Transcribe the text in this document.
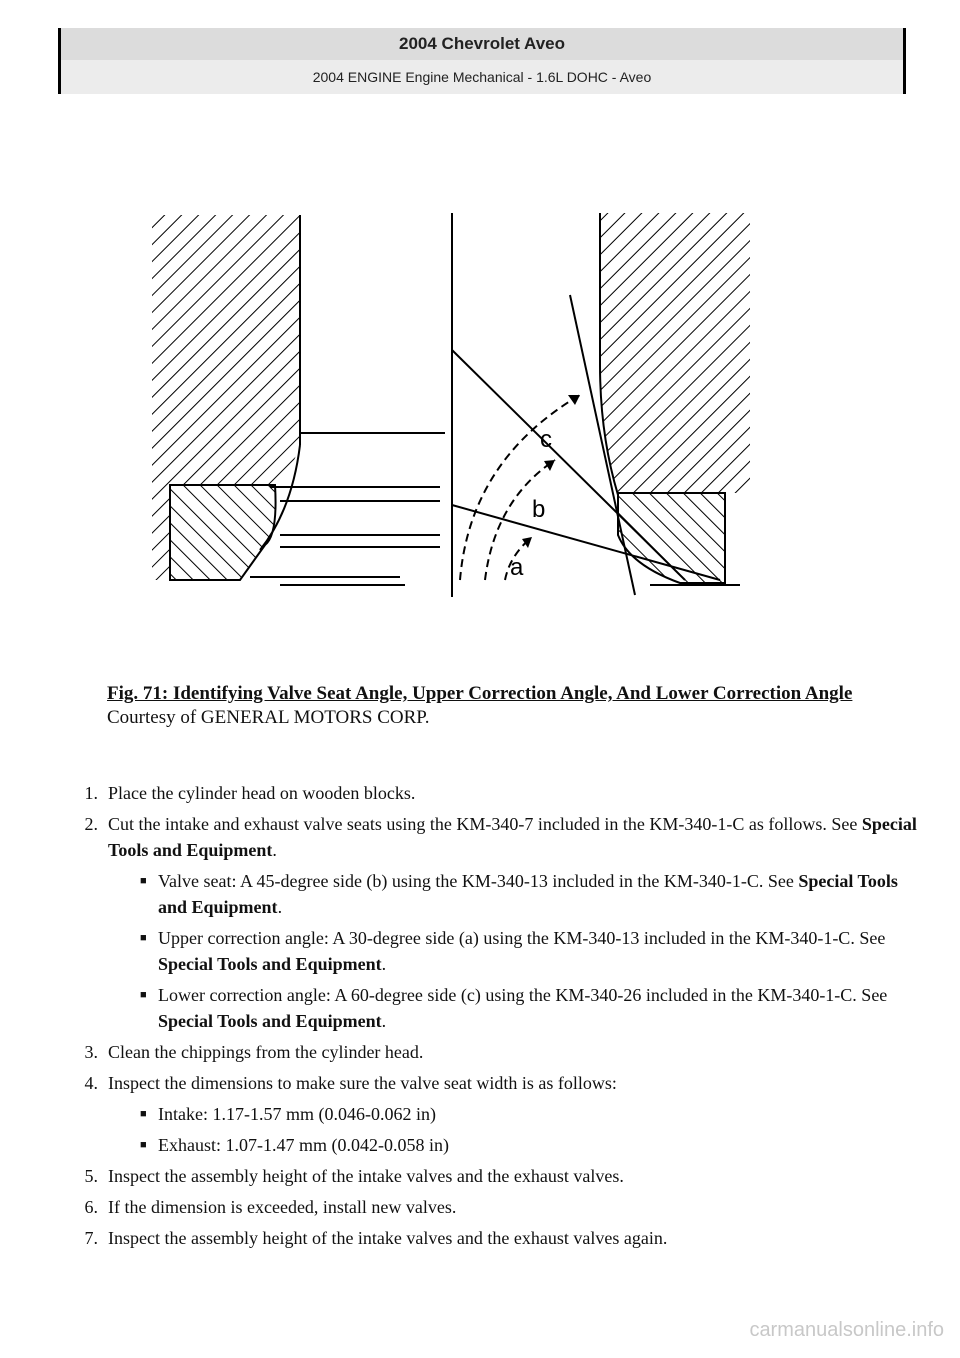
2004 Chevrolet Aveo
2004 ENGINE Engine Mechanical - 1.6L DOHC - Aveo
c
b
a
Fig. 71: Identifying Valve Seat Angle, Upper Correction Angle, And Lower Correction Angle
Courtesy of GENERAL MOTORS CORP.
1. Place the cylinder head on wooden blocks.
2. Cut the intake and exhaust valve seats using the KM-340-7 included in the KM-340-1-C as follows. See Special Tools and Equipment.
■ Valve seat: A 45-degree side (b) using the KM-340-13 included in the KM-340-1-C. See Special Tools and Equipment.
■ Upper correction angle: A 30-degree side (a) using the KM-340-13 included in the KM-340-1-C. See Special Tools and Equipment.
■ Lower correction angle: A 60-degree side (c) using the KM-340-26 included in the KM-340-1-C. See Special Tools and Equipment.
3. Clean the chippings from the cylinder head.
4. Inspect the dimensions to make sure the valve seat width is as follows:
■ Intake: 1.17-1.57 mm (0.046-0.062 in)
■ Exhaust: 1.07-1.47 mm (0.042-0.058 in)
5. Inspect the assembly height of the intake valves and the exhaust valves.
6. If the dimension is exceeded, install new valves.
7. Inspect the assembly height of the intake valves and the exhaust valves again.
carmanualsonline.info
